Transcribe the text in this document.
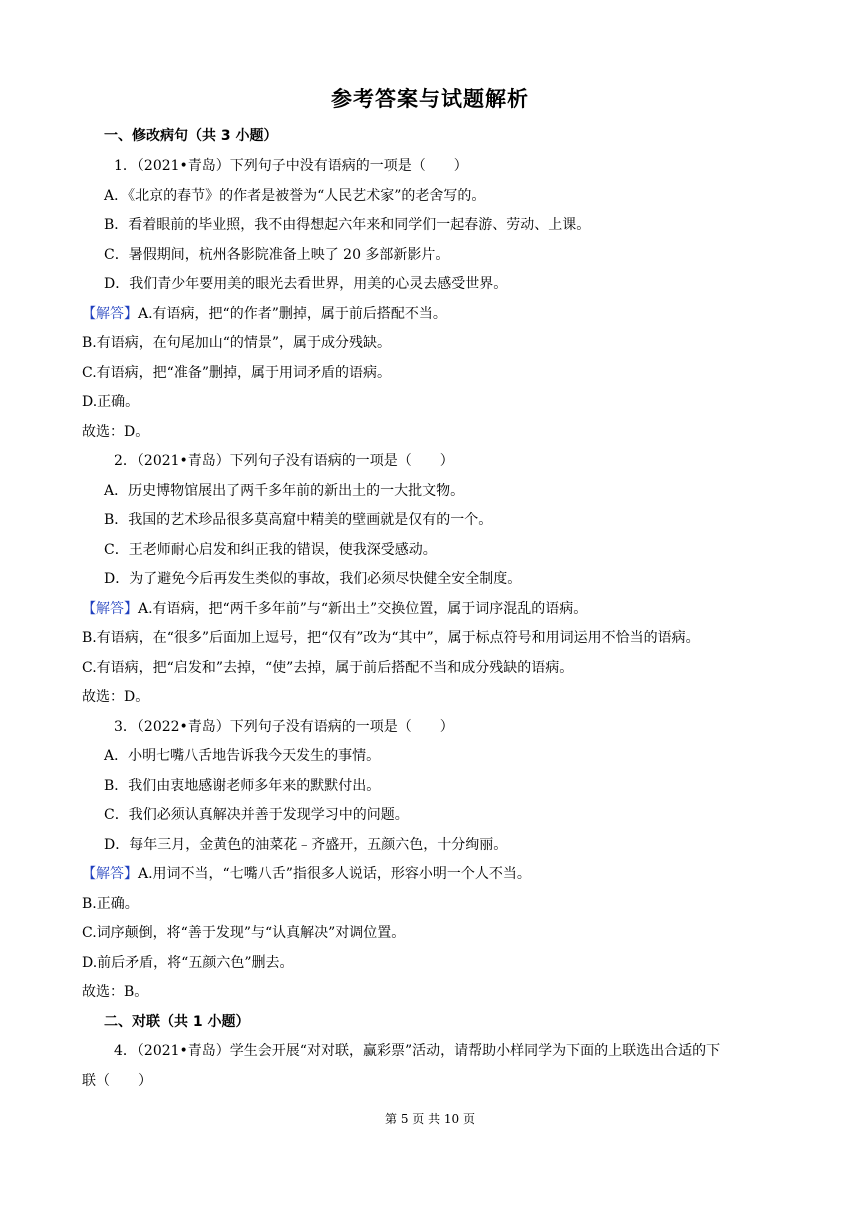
参考答案与试题解析
一、修改病句（共 3 小题）
1．（2021•青岛）下列句子中没有语病的一项是（　　）
A．《北京的春节》的作者是被誉为“人民艺术家”的老舍写的。
B．看着眼前的毕业照，我不由得想起六年来和同学们一起春游、劳动、上课。
C．暑假期间，杭州各影院准备上映了 20 多部新影片。
D．我们青少年要用美的眼光去看世界，用美的心灵去感受世界。
【解答】A.有语病，把“的作者”删掉，属于前后搭配不当。
B.有语病，在句尾加山“的情景”，属于成分残缺。
C.有语病，把“准备”删掉，属于用词矛盾的语病。
D.正确。
故选：D。
2．（2021•青岛）下列句子没有语病的一项是（　　）
A．历史博物馆展出了两千多年前的新出土的一大批文物。
B．我国的艺术珍品很多莫高窟中精美的壁画就是仅有的一个。
C．王老师耐心启发和纠正我的错误，使我深受感动。
D．为了避免今后再发生类似的事故，我们必须尽快健全安全制度。
【解答】A.有语病，把“两千多年前”与“新出土”交换位置，属于词序混乱的语病。
B.有语病，在“很多”后面加上逗号，把“仅有”改为“其中”，属于标点符号和用词运用不恰当的语病。
C.有语病，把“启发和”去掉，“使”去掉，属于前后搭配不当和成分残缺的语病。
故选：D。
3．（2022•青岛）下列句子没有语病的一项是（　　）
A．小明七嘴八舌地告诉我今天发生的事情。
B．我们由衷地感谢老师多年来的默默付出。
C．我们必须认真解决并善于发现学习中的问题。
D．每年三月，金黄色的油菜花﹣齐盛开，五颜六色，十分绚丽。
【解答】A.用词不当，“七嘴八舌”指很多人说话，形容小明一个人不当。
B.正确。
C.词序颠倒，将“善于发现”与“认真解决”对调位置。
D.前后矛盾，将“五颜六色”删去。
故选：B。
二、对联（共 1 小题）
4．（2021•青岛）学生会开展“对对联，赢彩票”活动，请帮助小样同学为下面的上联选出合适的下
联（　　）
第 5 页 共 10 页
